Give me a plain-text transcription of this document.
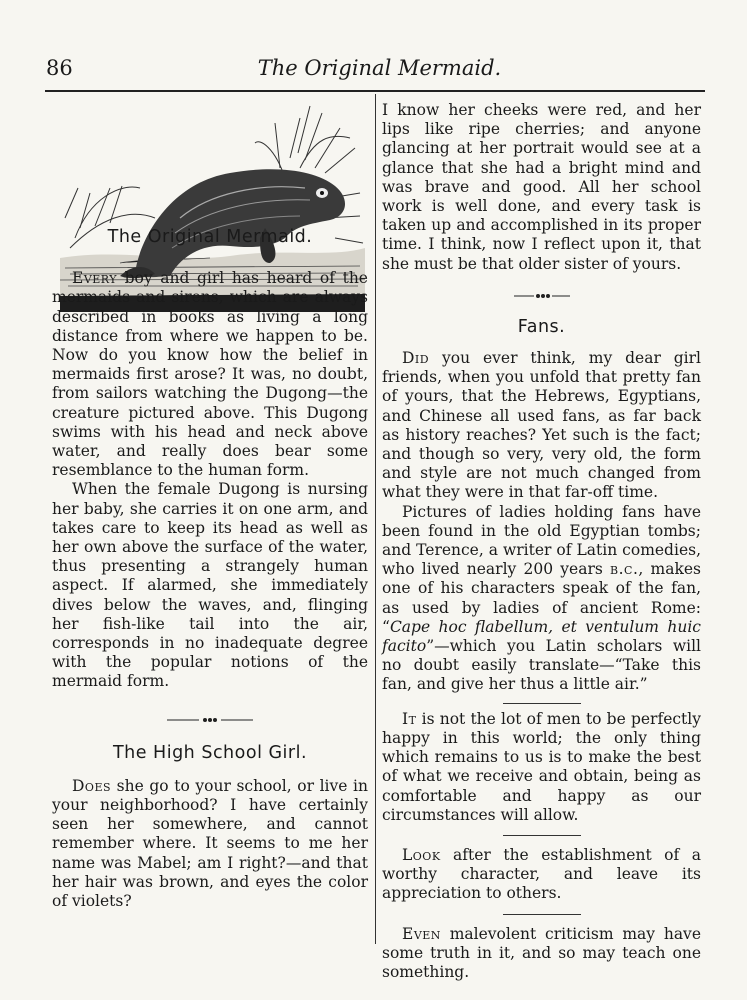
86	The Original Mermaid.
The Original Mermaid.

Every boy and girl has heard of the mermaids and sirens, which are always described in books as living a long distance from where we happen to be. Now do you know how the belief in mermaids first arose? It was, no doubt, from sailors watching the Dugong—the creature pictured above. This Dugong swims with his head and neck above water, and really does bear some resemblance to the human form.

When the female Dugong is nursing her baby, she carries it on one arm, and takes care to keep its head as well as her own above the surface of the water, thus presenting a strangely human aspect. If alarmed, she immediately dives below the waves, and, flinging her fish-like tail into the air, corresponds in no inadequate degree with the popular notions of the mermaid form.

The High School Girl.

Does she go to your school, or live in your neighborhood? I have certainly seen her somewhere, and cannot remember where. It seems to me her name was Mabel; am I right?—and that her hair was brown, and eyes the color of violets?

I know her cheeks were red, and her lips like ripe cherries; and anyone glancing at her portrait would see at a glance that she had a bright mind and was brave and good. All her school work is well done, and every task is taken up and accomplished in its proper time. I think, now I reflect upon it, that she must be that older sister of yours.

Fans.

Did you ever think, my dear girl friends, when you unfold that pretty fan of yours, that the Hebrews, Egyptians, and Chinese all used fans, as far back as history reaches? Yet such is the fact; and though so very, very old, the form and style are not much changed from what they were in that far-off time.

Pictures of ladies holding fans have been found in the old Egyptian tombs; and Terence, a writer of Latin comedies, who lived nearly 200 years b.c., makes one of his characters speak of the fan, as used by ladies of ancient Rome: “Cape hoc flabellum, et ventulum huic facito”—which you Latin scholars will no doubt easily translate—“Take this fan, and give her thus a little air.”

It is not the lot of men to be perfectly happy in this world; the only thing which remains to us is to make the best of what we receive and obtain, being as comfortable and happy as our circumstances will allow.

Look after the establishment of a worthy character, and leave its appreciation to others.

Even malevolent criticism may have some truth in it, and so may teach one something.
